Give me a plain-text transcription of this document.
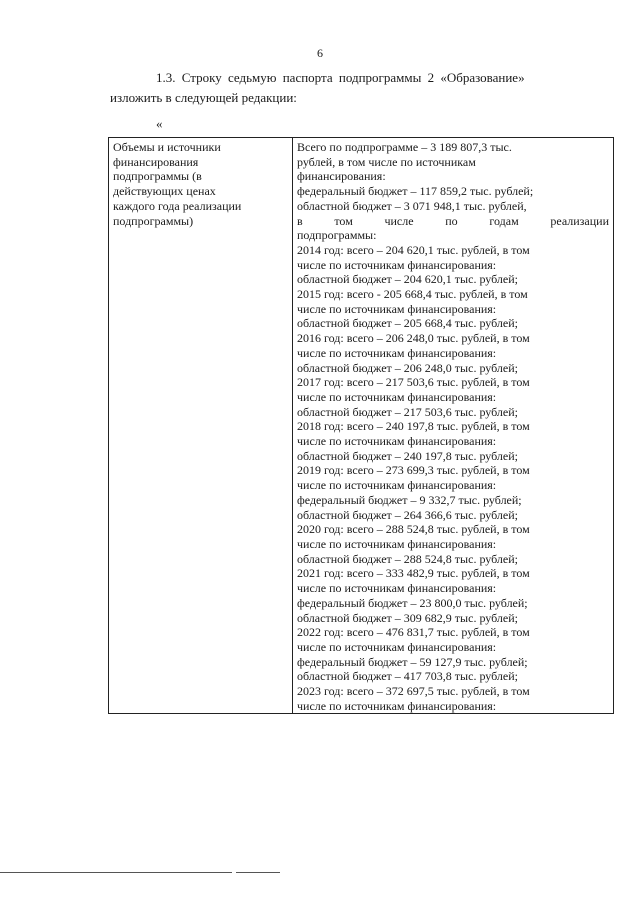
6
1.3. Строку седьмую паспорта подпрограммы 2 «Образование»
изложить в следующей редакции:
«
Объемы и источники
финансирования
подпрограммы (в
действующих ценах
каждого года реализации
подпрограммы)

Всего по подпрограмме – 3 189 807,3 тыс.
рублей, в том числе по источникам
финансирования:
федеральный бюджет – 117 859,2 тыс. рублей;
областной бюджет – 3 071 948,1 тыс. рублей,
в том числе по годам реализации
подпрограммы:
2014 год: всего – 204 620,1 тыс. рублей, в том
числе по источникам финансирования:
областной бюджет – 204 620,1 тыс. рублей;
2015 год: всего - 205 668,4 тыс. рублей, в том
числе по источникам финансирования:
областной бюджет – 205 668,4 тыс. рублей;
2016 год: всего – 206 248,0 тыс. рублей, в том
числе по источникам финансирования:
областной бюджет – 206 248,0 тыс. рублей;
2017 год: всего – 217 503,6 тыс. рублей, в том
числе по источникам финансирования:
областной бюджет – 217 503,6 тыс. рублей;
2018 год: всего – 240 197,8 тыс. рублей, в том
числе по источникам финансирования:
областной бюджет – 240 197,8 тыс. рублей;
2019 год: всего – 273 699,3 тыс. рублей, в том
числе по источникам финансирования:
федеральный бюджет – 9 332,7 тыс. рублей;
областной бюджет – 264 366,6 тыс. рублей;
2020 год: всего – 288 524,8 тыс. рублей, в том
числе по источникам финансирования:
областной бюджет – 288 524,8 тыс. рублей;
2021 год: всего – 333 482,9 тыс. рублей, в том
числе по источникам финансирования:
федеральный бюджет – 23 800,0 тыс. рублей;
областной бюджет – 309 682,9 тыс. рублей;
2022 год: всего – 476 831,7 тыс. рублей, в том
числе по источникам финансирования:
федеральный бюджет – 59 127,9 тыс. рублей;
областной бюджет – 417 703,8 тыс. рублей;
2023 год: всего – 372 697,5 тыс. рублей, в том
числе по источникам финансирования:
